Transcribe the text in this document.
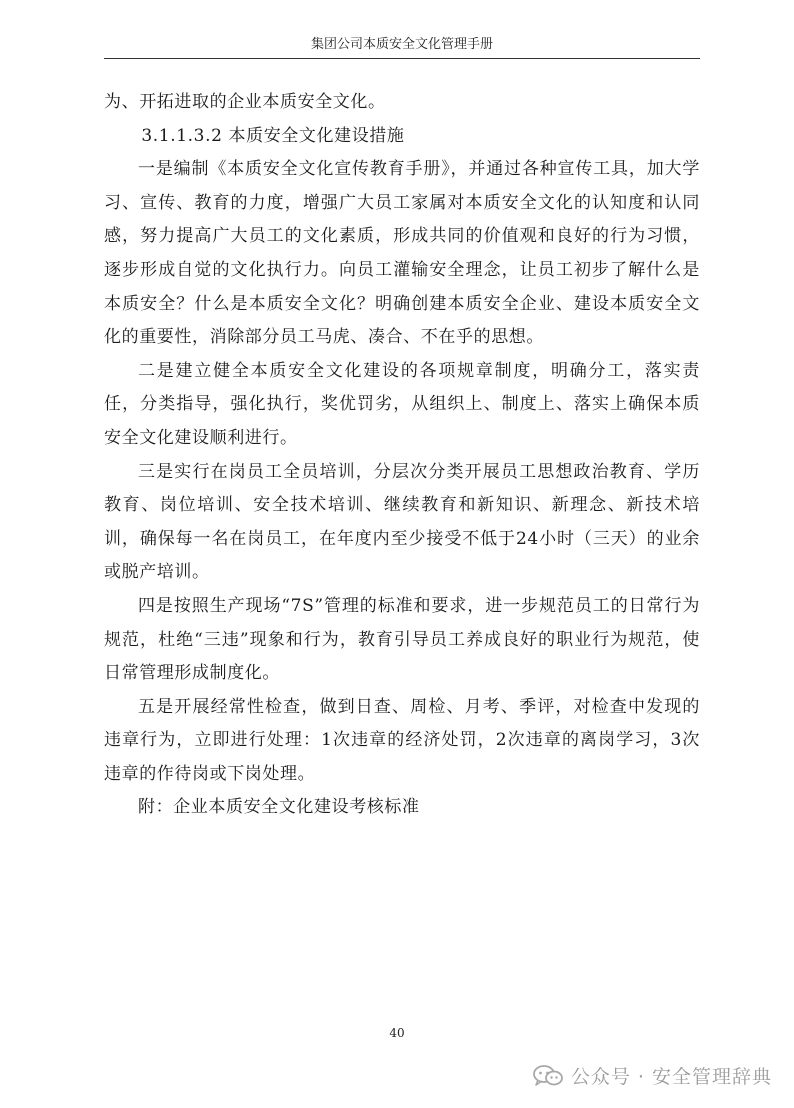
集团公司本质安全文化管理手册

为、开拓进取的企业本质安全文化。

3.1.1.3.2 本质安全文化建设措施

一是编制《本质安全文化宣传教育手册》，并通过各种宣传工具，加大学习、宣传、教育的力度，增强广大员工家属对本质安全文化的认知度和认同感，努力提高广大员工的文化素质，形成共同的价值观和良好的行为习惯，逐步形成自觉的文化执行力。向员工灌输安全理念，让员工初步了解什么是本质安全？什么是本质安全文化？明确创建本质安全企业、建设本质安全文化的重要性，消除部分员工马虎、凑合、不在乎的思想。

二是建立健全本质安全文化建设的各项规章制度，明确分工，落实责任，分类指导，强化执行，奖优罚劣，从组织上、制度上、落实上确保本质安全文化建设顺利进行。

三是实行在岗员工全员培训，分层次分类开展员工思想政治教育、学历教育、岗位培训、安全技术培训、继续教育和新知识、新理念、新技术培训，确保每一名在岗员工，在年度内至少接受不低于24小时（三天）的业余或脱产培训。

四是按照生产现场“7S”管理的标准和要求，进一步规范员工的日常行为规范，杜绝“三违”现象和行为，教育引导员工养成良好的职业行为规范，使日常管理形成制度化。

五是开展经常性检查，做到日查、周检、月考、季评，对检查中发现的违章行为，立即进行处理：1次违章的经济处罚，2次违章的离岗学习，3次违章的作待岗或下岗处理。

附：企业本质安全文化建设考核标准

40
公众号 · 安全管理辞典
